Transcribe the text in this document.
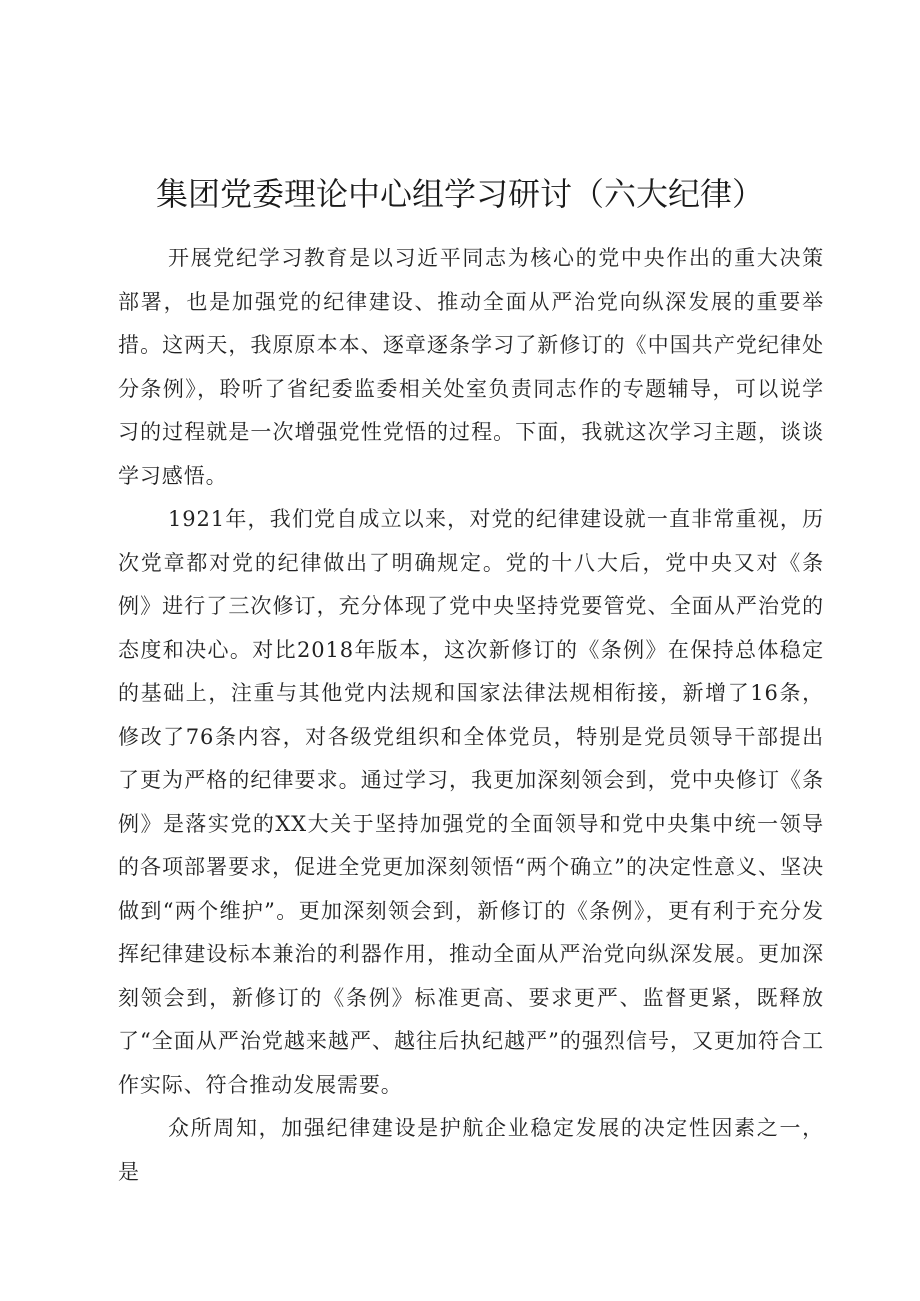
集团党委理论中心组学习研讨（六大纪律）

开展党纪学习教育是以习近平同志为核心的党中央作出的重大决策部署，也是加强党的纪律建设、推动全面从严治党向纵深发展的重要举措。这两天，我原原本本、逐章逐条学习了新修订的《中国共产党纪律处分条例》，聆听了省纪委监委相关处室负责同志作的专题辅导，可以说学习的过程就是一次增强党性党悟的过程。下面，我就这次学习主题，谈谈学习感悟。

1921年，我们党自成立以来，对党的纪律建设就一直非常重视，历次党章都对党的纪律做出了明确规定。党的十八大后，党中央又对《条例》进行了三次修订，充分体现了党中央坚持党要管党、全面从严治党的态度和决心。对比2018年版本，这次新修订的《条例》在保持总体稳定的基础上，注重与其他党内法规和国家法律法规相衔接，新增了16条，修改了76条内容，对各级党组织和全体党员，特别是党员领导干部提出了更为严格的纪律要求。通过学习，我更加深刻领会到，党中央修订《条例》是落实党的XX大关于坚持加强党的全面领导和党中央集中统一领导的各项部署要求，促进全党更加深刻领悟“两个确立”的决定性意义、坚决做到“两个维护”。更加深刻领会到，新修订的《条例》，更有利于充分发挥纪律建设标本兼治的利器作用，推动全面从严治党向纵深发展。更加深刻领会到，新修订的《条例》标准更高、要求更严、监督更紧，既释放了“全面从严治党越来越严、越往后执纪越严”的强烈信号，又更加符合工作实际、符合推动发展需要。

众所周知，加强纪律建设是护航企业稳定发展的决定性因素之一，是
